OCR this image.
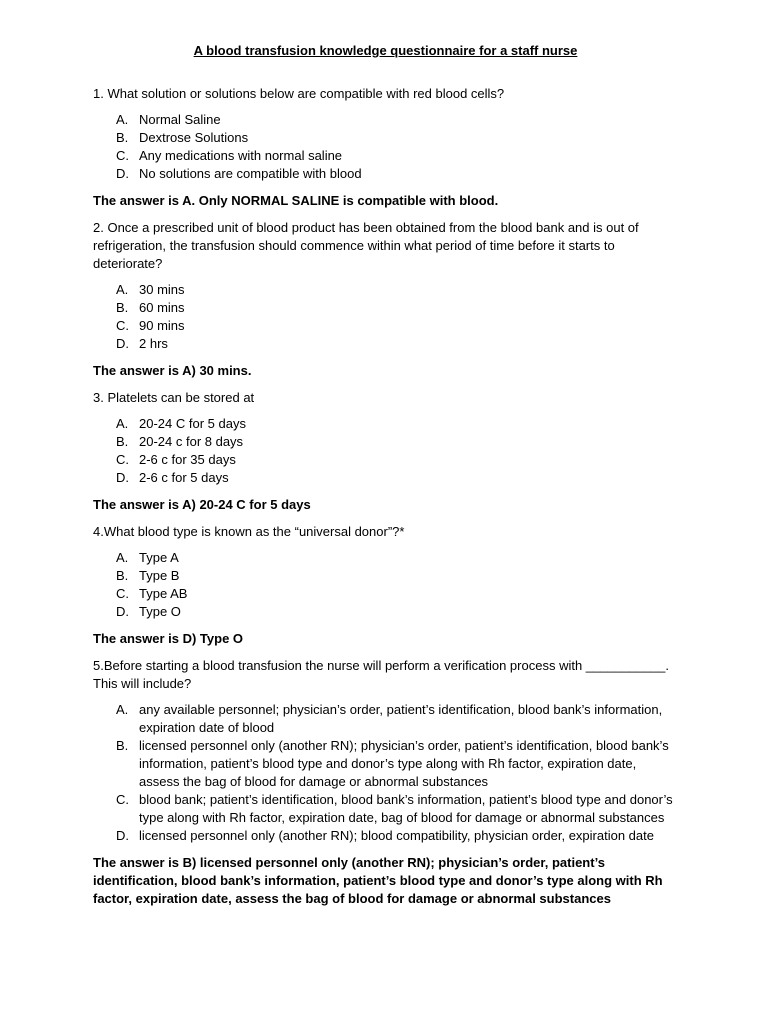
A blood transfusion knowledge questionnaire for a staff nurse

1. What solution or solutions below are compatible with red blood cells?

A. Normal Saline
B. Dextrose Solutions
C. Any medications with normal saline
D. No solutions are compatible with blood

The answer is A. Only NORMAL SALINE is compatible with blood.

2. Once a prescribed unit of blood product has been obtained from the blood bank and is out of refrigeration, the transfusion should commence within what period of time before it starts to deteriorate?

A. 30 mins
B. 60 mins
C. 90 mins
D. 2 hrs

The answer is A) 30 mins.

3. Platelets can be stored at

A. 20-24 C for 5 days
B. 20-24 c for 8 days
C. 2-6 c for 35 days
D. 2-6 c for 5 days

The answer is A) 20-24 C for 5 days

4.What blood type is known as the “universal donor”?*

A. Type A
B. Type B
C. Type AB
D. Type O

The answer is D) Type O

5.Before starting a blood transfusion the nurse will perform a verification process with ___________. This will include?

A. any available personnel; physician’s order, patient’s identification, blood bank’s information, expiration date of blood
B. licensed personnel only (another RN); physician’s order, patient’s identification, blood bank’s information, patient’s blood type and donor’s type along with Rh factor, expiration date, assess the bag of blood for damage or abnormal substances
C. blood bank; patient’s identification, blood bank’s information, patient’s blood type and donor’s type along with Rh factor, expiration date, bag of blood for damage or abnormal substances
D. licensed personnel only (another RN); blood compatibility, physician order, expiration date

The answer is B) licensed personnel only (another RN); physician’s order, patient’s identification, blood bank’s information, patient’s blood type and donor’s type along with Rh factor, expiration date, assess the bag of blood for damage or abnormal substances
